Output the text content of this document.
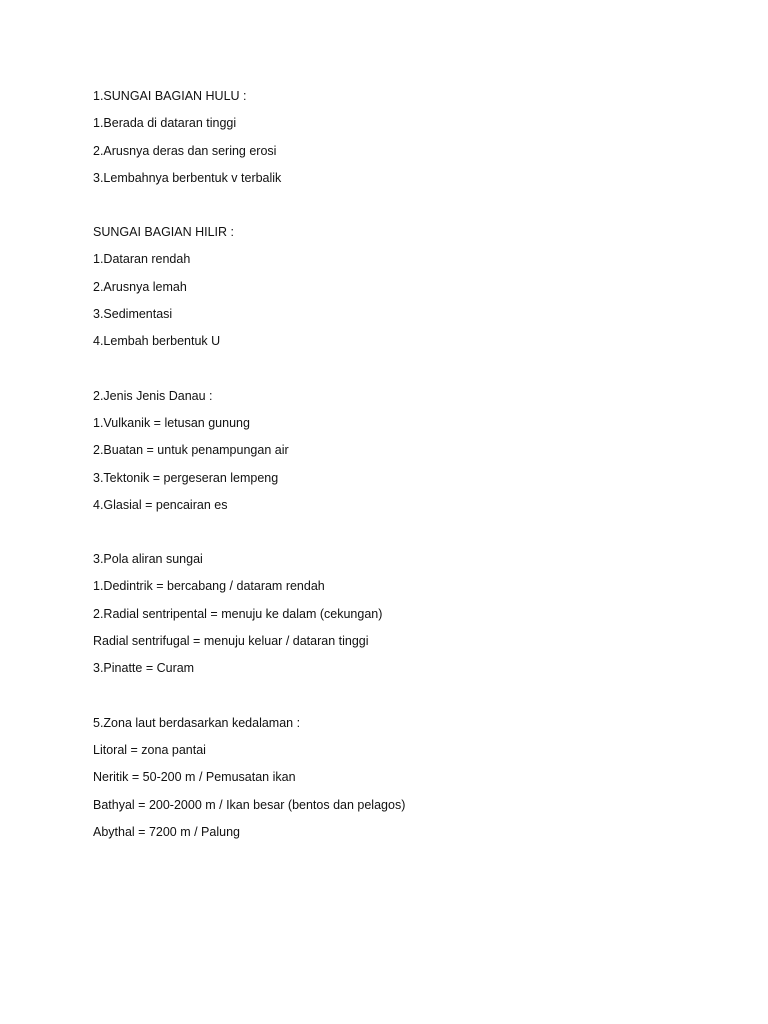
1.SUNGAI BAGIAN HULU :
1.Berada di dataran tinggi
2.Arusnya deras dan sering erosi
3.Lembahnya berbentuk v terbalik
SUNGAI BAGIAN HILIR :
1.Dataran rendah
2.Arusnya lemah
3.Sedimentasi
4.Lembah berbentuk U
2.Jenis Jenis Danau :
1.Vulkanik = letusan gunung
2.Buatan = untuk penampungan air
3.Tektonik = pergeseran lempeng
4.Glasial = pencairan es
3.Pola aliran sungai
1.Dedintrik = bercabang / dataram rendah
2.Radial sentripental = menuju ke dalam (cekungan)
Radial sentrifugal = menuju keluar / dataran tinggi
3.Pinatte = Curam
5.Zona laut berdasarkan kedalaman :
Litoral = zona pantai
Neritik = 50-200 m / Pemusatan ikan
Bathyal = 200-2000 m / Ikan besar (bentos dan pelagos)
Abythal = 7200 m / Palung
